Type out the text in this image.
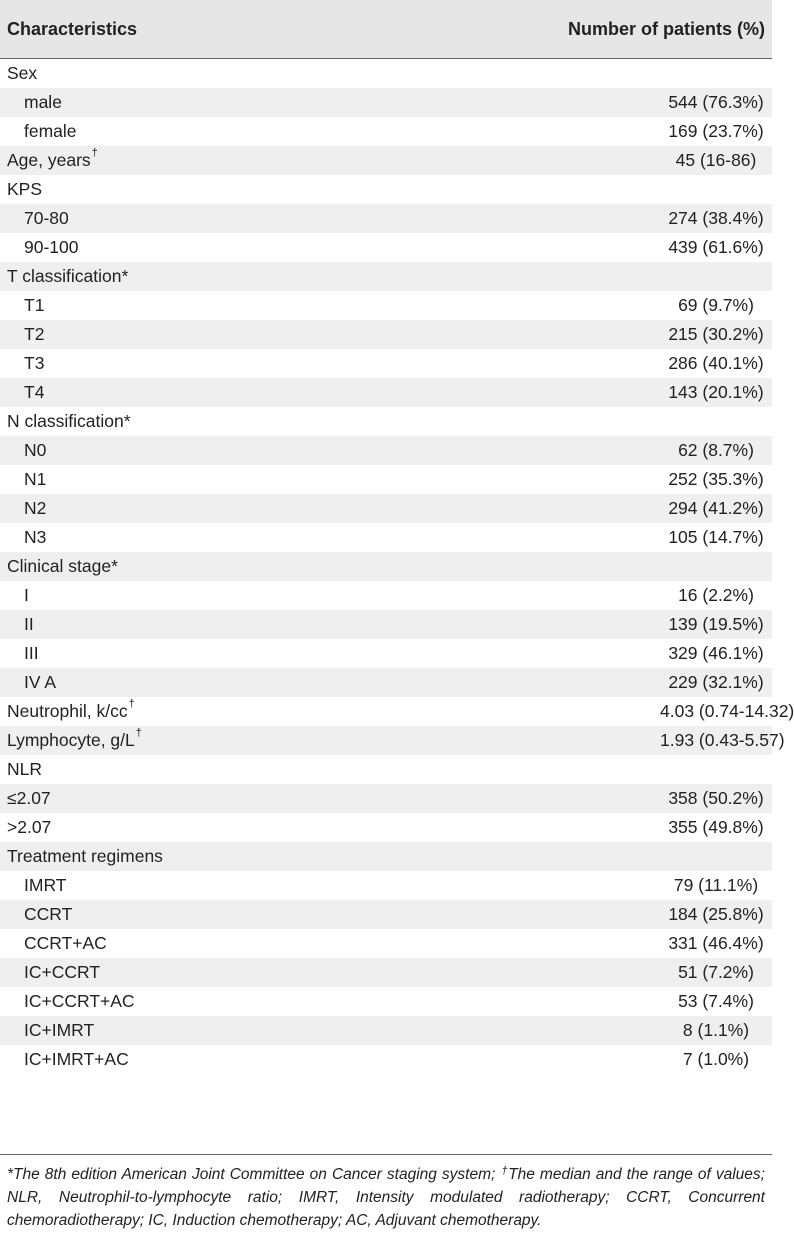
Characteristics	Number of patients (%)
Sex	
male	544 (76.3%)
female	169 (23.7%)
Age, years†	45 (16-86)
KPS	
70-80	274 (38.4%)
90-100	439 (61.6%)
T classification*	
T1	69 (9.7%)
T2	215 (30.2%)
T3	286 (40.1%)
T4	143 (20.1%)
N classification*	
N0	62 (8.7%)
N1	252 (35.3%)
N2	294 (41.2%)
N3	105 (14.7%)
Clinical stage*	
I	16 (2.2%)
II	139 (19.5%)
III	329 (46.1%)
IV A	229 (32.1%)
Neutrophil, k/cc†	4.03 (0.74-14.32)
Lymphocyte, g/L†	1.93 (0.43-5.57)
NLR	
≤2.07	358 (50.2%)
>2.07	355 (49.8%)
Treatment regimens	
IMRT	79 (11.1%)
CCRT	184 (25.8%)
CCRT+AC	331 (46.4%)
IC+CCRT	51 (7.2%)
IC+CCRT+AC	53 (7.4%)
IC+IMRT	8 (1.1%)
IC+IMRT+AC	7 (1.0%)
*The 8th edition American Joint Committee on Cancer staging system; †The median and the range of values; NLR, Neutrophil-to-lymphocyte ratio; IMRT, Intensity modulated radiotherapy; CCRT, Concurrent chemoradiotherapy; IC, Induction chemotherapy; AC, Adjuvant chemotherapy.
